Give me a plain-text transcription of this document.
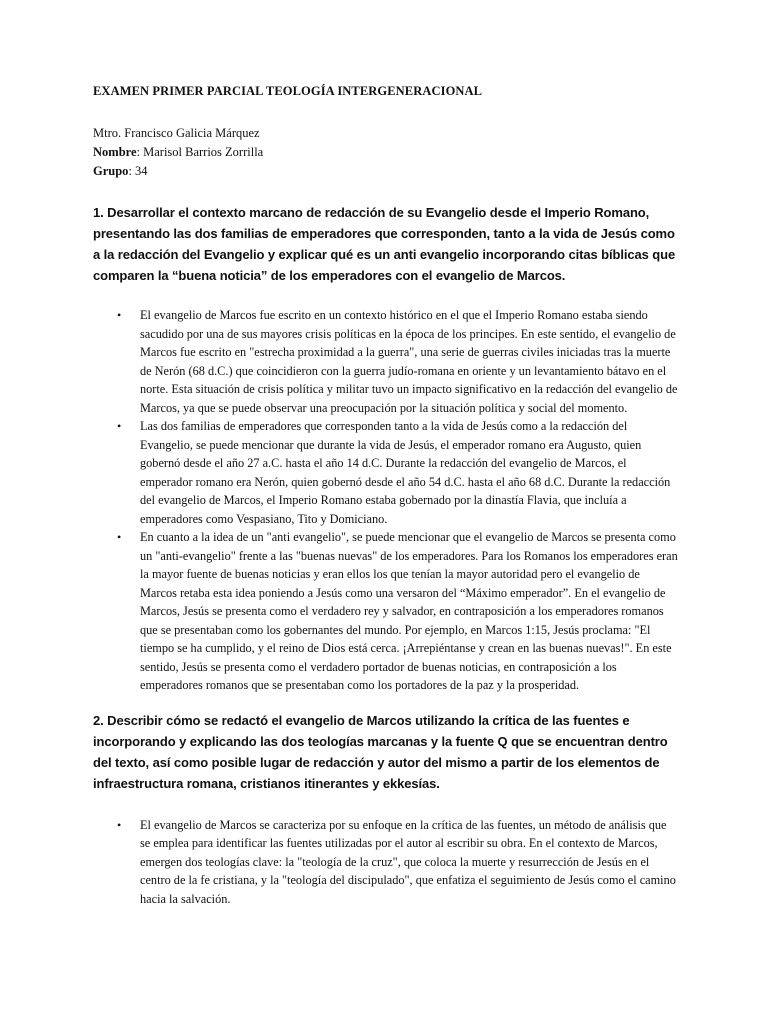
EXAMEN PRIMER PARCIAL TEOLOGÍA INTERGENERACIONAL
Mtro. Francisco Galicia Márquez
Nombre: Marisol Barrios Zorrilla
Grupo: 34
1. Desarrollar el contexto marcano de redacción de su Evangelio desde el Imperio Romano, presentando las dos familias de emperadores que corresponden, tanto a la vida de Jesús como a la redacción del Evangelio y explicar qué es un anti evangelio incorporando citas bíblicas que comparen la “buena noticia” de los emperadores con el evangelio de Marcos.
• El evangelio de Marcos fue escrito en un contexto histórico en el que el Imperio Romano estaba siendo sacudido por una de sus mayores crisis políticas en la época de los principes. En este sentido, el evangelio de Marcos fue escrito en "estrecha proximidad a la guerra", una serie de guerras civiles iniciadas tras la muerte de Nerón (68 d.C.) que coincidieron con la guerra judío-romana en oriente y un levantamiento bátavo en el norte. Esta situación de crisis política y militar tuvo un impacto significativo en la redacción del evangelio de Marcos, ya que se puede observar una preocupación por la situación política y social del momento.
• Las dos familias de emperadores que corresponden tanto a la vida de Jesús como a la redacción del Evangelio, se puede mencionar que durante la vida de Jesús, el emperador romano era Augusto, quien gobernó desde el año 27 a.C. hasta el año 14 d.C. Durante la redacción del evangelio de Marcos, el emperador romano era Nerón, quien gobernó desde el año 54 d.C. hasta el año 68 d.C. Durante la redacción del evangelio de Marcos, el Imperio Romano estaba gobernado por la dinastía Flavia, que incluía a emperadores como Vespasiano, Tito y Domiciano.
• En cuanto a la idea de un "anti evangelio", se puede mencionar que el evangelio de Marcos se presenta como un "anti-evangelio" frente a las "buenas nuevas" de los emperadores. Para los Romanos los emperadores eran la mayor fuente de buenas noticias y eran ellos los que tenían la mayor autoridad pero el evangelio de Marcos retaba esta idea poniendo a Jesús como una versaron del “Máximo emperador”. En el evangelio de Marcos, Jesús se presenta como el verdadero rey y salvador, en contraposición a los emperadores romanos que se presentaban como los gobernantes del mundo. Por ejemplo, en Marcos 1:15, Jesús proclama: "El tiempo se ha cumplido, y el reino de Dios está cerca. ¡Arrepiéntanse y crean en las buenas nuevas!". En este sentido, Jesús se presenta como el verdadero portador de buenas noticias, en contraposición a los emperadores romanos que se presentaban como los portadores de la paz y la prosperidad.
2. Describir cómo se redactó el evangelio de Marcos utilizando la crítica de las fuentes e incorporando y explicando las dos teologías marcanas y la fuente Q que se encuentran dentro del texto, así como posible lugar de redacción y autor del mismo a partir de los elementos de infraestructura romana, cristianos itinerantes y ekkesías.
• El evangelio de Marcos se caracteriza por su enfoque en la crítica de las fuentes, un método de análisis que se emplea para identificar las fuentes utilizadas por el autor al escribir su obra. En el contexto de Marcos, emergen dos teologías clave: la "teología de la cruz", que coloca la muerte y resurrección de Jesús en el centro de la fe cristiana, y la "teología del discipulado", que enfatiza el seguimiento de Jesús como el camino hacia la salvación.
